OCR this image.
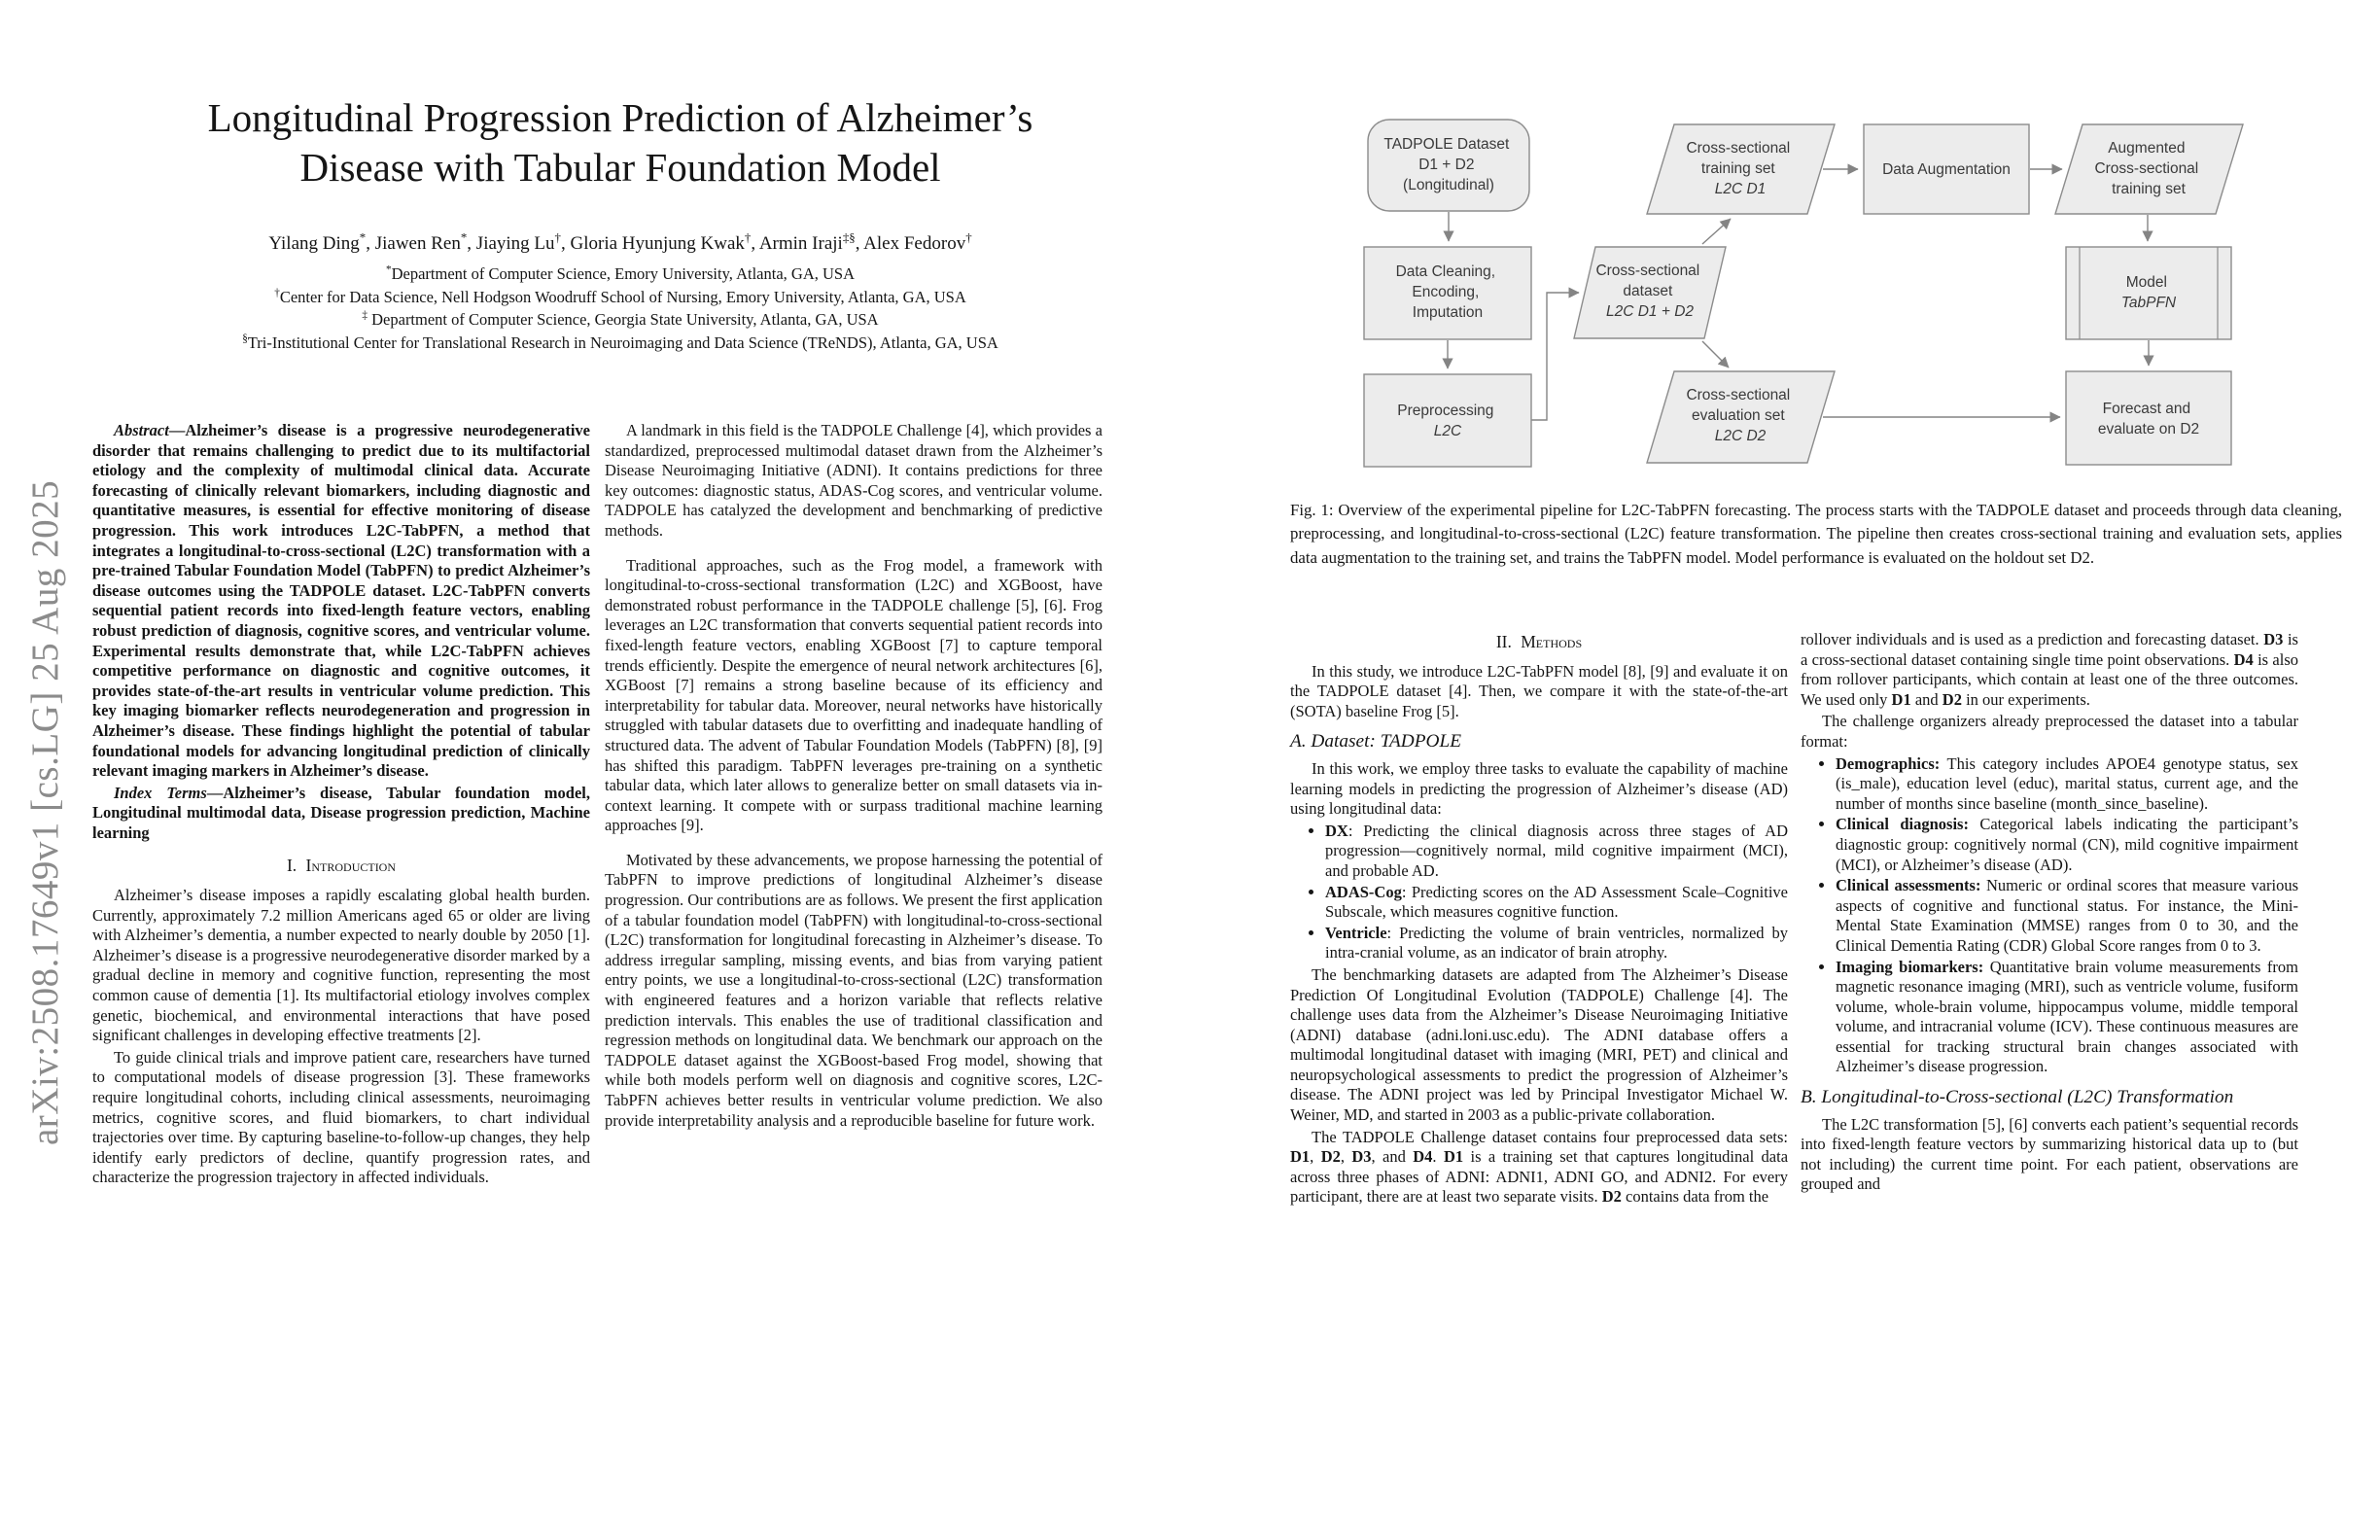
arXiv:2508.17649v1 [cs.LG] 25 Aug 2025
Longitudinal Progression Prediction of Alzheimer’s
Disease with Tabular Foundation Model
Yilang Ding*, Jiawen Ren*, Jiaying Lu†, Gloria Hyunjung Kwak†, Armin Iraji‡§, Alex Fedorov†
*Department of Computer Science, Emory University, Atlanta, GA, USA
†Center for Data Science, Nell Hodgson Woodruff School of Nursing, Emory University, Atlanta, GA, USA
‡ Department of Computer Science, Georgia State University, Atlanta, GA, USA
§Tri-Institutional Center for Translational Research in Neuroimaging and Data Science (TReNDS), Atlanta, GA, USA

Abstract—Alzheimer’s disease is a progressive neurodegenerative disorder that remains challenging to predict due to its multifactorial etiology and the complexity of multimodal clinical data. Accurate forecasting of clinically relevant biomarkers, including diagnostic and quantitative measures, is essential for effective monitoring of disease progression. This work introduces L2C-TabPFN, a method that integrates a longitudinal-to-cross-sectional (L2C) transformation with a pre-trained Tabular Foundation Model (TabPFN) to predict Alzheimer’s disease outcomes using the TADPOLE dataset. L2C-TabPFN converts sequential patient records into fixed-length feature vectors, enabling robust prediction of diagnosis, cognitive scores, and ventricular volume. Experimental results demonstrate that, while L2C-TabPFN achieves competitive performance on diagnostic and cognitive outcomes, it provides state-of-the-art results in ventricular volume prediction. This key imaging biomarker reflects neurodegeneration and progression in Alzheimer’s disease. These findings highlight the potential of tabular foundational models for advancing longitudinal prediction of clinically relevant imaging markers in Alzheimer’s disease.

Index Terms—Alzheimer’s disease, Tabular foundation model, Longitudinal multimodal data, Disease progression prediction, Machine learning

I. Introduction

Alzheimer’s disease imposes a rapidly escalating global health burden. Currently, approximately 7.2 million Americans aged 65 or older are living with Alzheimer’s dementia, a number expected to nearly double by 2050 [1]. Alzheimer’s disease is a progressive neurodegenerative disorder marked by a gradual decline in memory and cognitive function, representing the most common cause of dementia [1]. Its multifactorial etiology involves complex genetic, biochemical, and environmental interactions that have posed significant challenges in developing effective treatments [2].

To guide clinical trials and improve patient care, researchers have turned to computational models of disease progression [3]. These frameworks require longitudinal cohorts, including clinical assessments, neuroimaging metrics, cognitive scores, and fluid biomarkers, to chart individual trajectories over time. By capturing baseline-to-follow-up changes, they help identify early predictors of decline, quantify progression rates, and characterize the progression trajectory in affected individuals.

A landmark in this field is the TADPOLE Challenge [4], which provides a standardized, preprocessed multimodal dataset drawn from the Alzheimer’s Disease Neuroimaging Initiative (ADNI). It contains predictions for three key outcomes: diagnostic status, ADAS-Cog scores, and ventricular volume. TADPOLE has catalyzed the development and benchmarking of predictive methods.

Traditional approaches, such as the Frog model, a framework with longitudinal-to-cross-sectional transformation (L2C) and XGBoost, have demonstrated robust performance in the TADPOLE challenge [5], [6]. Frog leverages an L2C transformation that converts sequential patient records into fixed-length feature vectors, enabling XGBoost [7] to capture temporal trends efficiently. Despite the emergence of neural network architectures [6], XGBoost [7] remains a strong baseline because of its efficiency and interpretability for tabular data. Moreover, neural networks have historically struggled with tabular datasets due to overfitting and inadequate handling of structured data. The advent of Tabular Foundation Models (TabPFN) [8], [9] has shifted this paradigm. TabPFN leverages pre-training on a synthetic tabular data, which later allows to generalize better on small datasets via in-context learning. It compete with or surpass traditional machine learning approaches [9].

Motivated by these advancements, we propose harnessing the potential of TabPFN to improve predictions of longitudinal Alzheimer’s disease progression. Our contributions are as follows. We present the first application of a tabular foundation model (TabPFN) with longitudinal-to-cross-sectional (L2C) transformation for longitudinal forecasting in Alzheimer’s disease. To address irregular sampling, missing events, and bias from varying patient entry points, we use a longitudinal-to-cross-sectional (L2C) transformation with engineered features and a horizon variable that reflects relative prediction intervals. This enables the use of traditional classification and regression methods on longitudinal data. We benchmark our approach on the TADPOLE dataset against the XGBoost-based Frog model, showing that while both models perform well on diagnosis and cognitive scores, L2C-TabPFN achieves better results in ventricular volume prediction. We also provide interpretability analysis and a reproducible baseline for future work.

TADPOLE Dataset D1 + D2 (Longitudinal)
Data Cleaning, Encoding, Imputation
Preprocessing L2C
Cross-sectional dataset L2C D1 + D2
Cross-sectional training set L2C D1
Data Augmentation
Augmented Cross-sectional training set
Model TabPFN
Cross-sectional evaluation set L2C D2
Forecast and evaluate on D2
Fig. 1: Overview of the experimental pipeline for L2C-TabPFN forecasting. The process starts with the TADPOLE dataset and proceeds through data cleaning, preprocessing, and longitudinal-to-cross-sectional (L2C) feature transformation. The pipeline then creates cross-sectional training and evaluation sets, applies data augmentation to the training set, and trains the TabPFN model. Model performance is evaluated on the holdout set D2.
II. Methods

In this study, we introduce L2C-TabPFN model [8], [9] and evaluate it on the TADPOLE dataset [4]. Then, we compare it with the state-of-the-art (SOTA) baseline Frog [5].

A. Dataset: TADPOLE

In this work, we employ three tasks to evaluate the capability of machine learning models in predicting the progression of Alzheimer’s disease (AD) using longitudinal data:

• DX: Predicting the clinical diagnosis across three stages of AD progression—cognitively normal, mild cognitive impairment (MCI), and probable AD.
• ADAS-Cog: Predicting scores on the AD Assessment Scale–Cognitive Subscale, which measures cognitive function.
• Ventricle: Predicting the volume of brain ventricles, normalized by intra-cranial volume, as an indicator of brain atrophy.

The benchmarking datasets are adapted from The Alzheimer’s Disease Prediction Of Longitudinal Evolution (TADPOLE) Challenge [4]. The challenge uses data from the Alzheimer’s Disease Neuroimaging Initiative (ADNI) database (adni.loni.usc.edu). The ADNI database offers a multimodal longitudinal dataset with imaging (MRI, PET) and clinical and neuropsychological assessments to predict the progression of Alzheimer’s disease. The ADNI project was led by Principal Investigator Michael W. Weiner, MD, and started in 2003 as a public-private collaboration.

The TADPOLE Challenge dataset contains four preprocessed data sets: D1, D2, D3, and D4. D1 is a training set that captures longitudinal data across three phases of ADNI: ADNI1, ADNI GO, and ADNI2. For every participant, there are at least two separate visits. D2 contains data from the

rollover individuals and is used as a prediction and forecasting dataset. D3 is a cross-sectional dataset containing single time point observations. D4 is also from rollover participants, which contain at least one of the three outcomes. We used only D1 and D2 in our experiments.

The challenge organizers already preprocessed the dataset into a tabular format:

• Demographics: This category includes APOE4 genotype status, sex (is_male), education level (educ), marital status, current age, and the number of months since baseline (month_since_baseline).
• Clinical diagnosis: Categorical labels indicating the participant’s diagnostic group: cognitively normal (CN), mild cognitive impairment (MCI), or Alzheimer’s disease (AD).
• Clinical assessments: Numeric or ordinal scores that measure various aspects of cognitive and functional status. For instance, the Mini-Mental State Examination (MMSE) ranges from 0 to 30, and the Clinical Dementia Rating (CDR) Global Score ranges from 0 to 3.
• Imaging biomarkers: Quantitative brain volume measurements from magnetic resonance imaging (MRI), such as ventricle volume, fusiform volume, whole-brain volume, hippocampus volume, middle temporal volume, and intracranial volume (ICV). These continuous measures are essential for tracking structural brain changes associated with Alzheimer’s disease progression.
B. Longitudinal-to-Cross-sectional (L2C) Transformation

The L2C transformation [5], [6] converts each patient’s sequential records into fixed-length feature vectors by summarizing historical data up to (but not including) the current time point. For each patient, observations are grouped and
